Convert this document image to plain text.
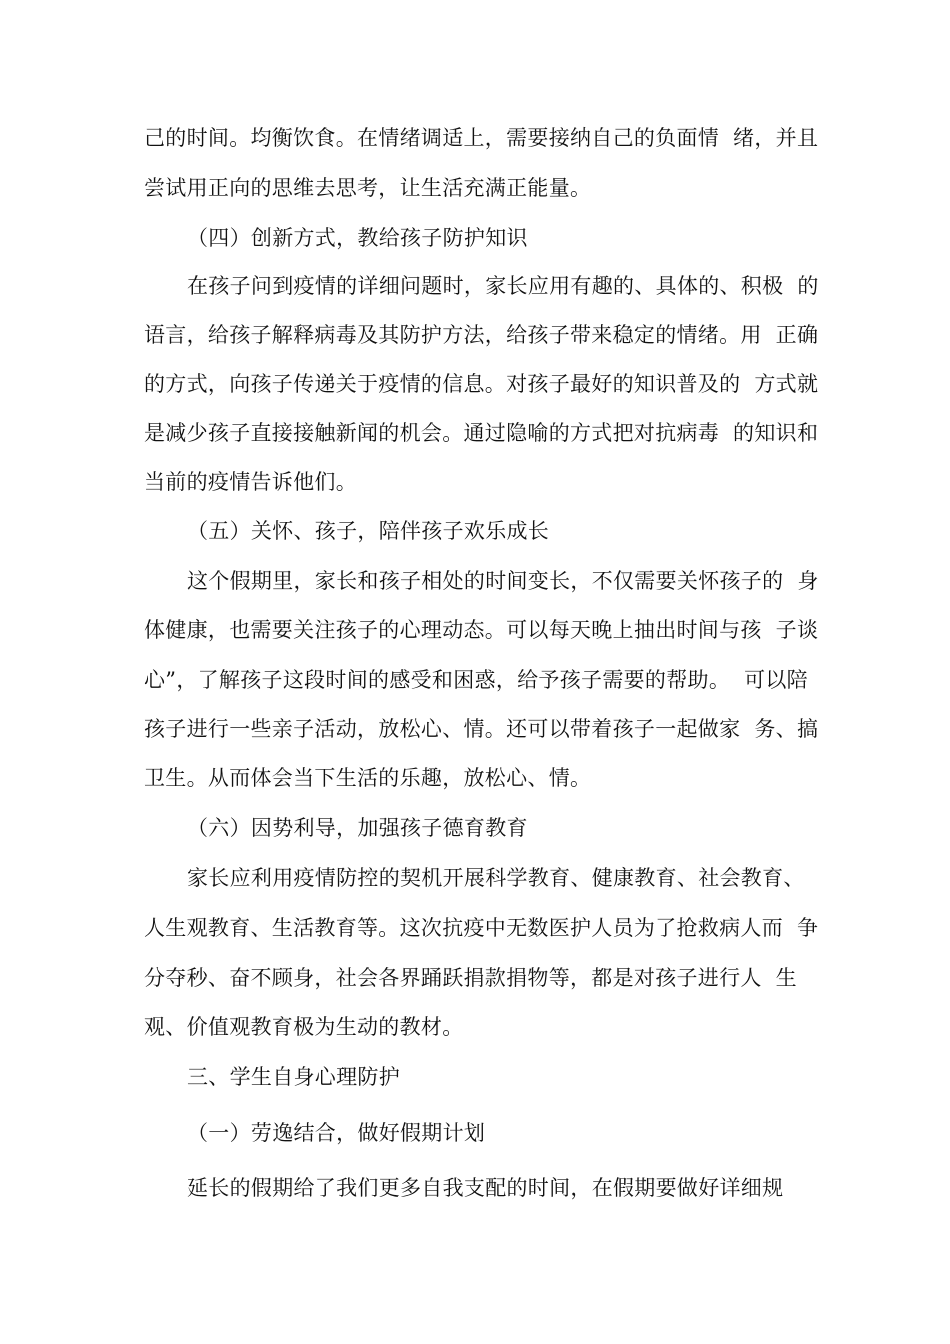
己的时间。均衡饮食。在情绪调适上，需要接纳自己的负面情  绪，并且
尝试用正向的思维去思考，让生活充满正能量。
（四）创新方式，教给孩子防护知识
在孩子问到疫情的详细问题时，家长应用有趣的、具体的、积极  的
语言，给孩子解释病毒及其防护方法，给孩子带来稳定的情绪。用  正确
的方式，向孩子传递关于疫情的信息。对孩子最好的知识普及的  方式就
是减少孩子直接接触新闻的机会。通过隐喻的方式把对抗病毒  的知识和
当前的疫情告诉他们。
（五）关怀、孩子，陪伴孩子欢乐成长
这个假期里，家长和孩子相处的时间变长，不仅需要关怀孩子的  身
体健康，也需要关注孩子的心理动态。可以每天晚上抽出时间与孩  子谈
心”，了解孩子这段时间的感受和困惑，给予孩子需要的帮助。  可以陪
孩子进行一些亲子活动，放松心、情。还可以带着孩子一起做家  务、搞
卫生。从而体会当下生活的乐趣，放松心、情。
（六）因势利导，加强孩子德育教育
家长应利用疫情防控的契机开展科学教育、健康教育、社会教育、
人生观教育、生活教育等。这次抗疫中无数医护人员为了抢救病人而  争
分夺秒、奋不顾身，社会各界踊跃捐款捐物等，都是对孩子进行人  生
观、价值观教育极为生动的教材。
三、学生自身心理防护
（一）劳逸结合，做好假期计划
延长的假期给了我们更多自我支配的时间，在假期要做好详细规
